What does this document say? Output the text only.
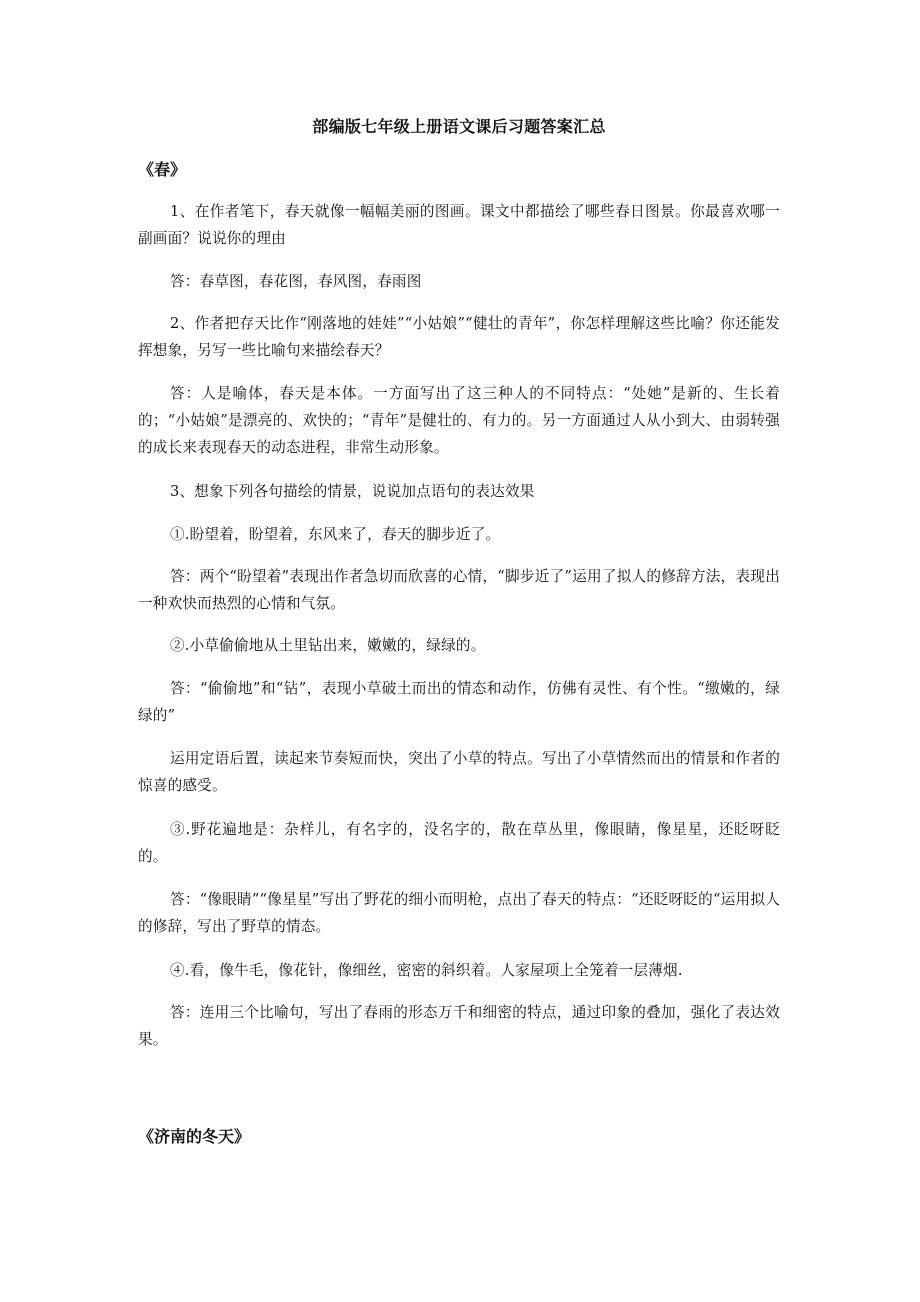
部编版七年级上册语文课后习题答案汇总
《春》
1、在作者笔下，春天就像一幅幅美丽的图画。课文中都描绘了哪些春日图景。你最喜欢哪一副画面？说说你的理由
答：春草图，春花图，春风图，春雨图
2、作者把存天比作“刚落地的娃娃”“小姑娘”“健壮的青年”，你怎样理解这些比喻？你还能发挥想象，另写一些比喻句来描绘春天？
答：人是喻体，春天是本体。一方面写出了这三种人的不同特点：“处她”是新的、生长着的；“小姑娘”是漂亮的、欢快的；“青年”是健壮的、有力的。另一方面通过人从小到大、由弱转强的成长来表现春天的动态进程，非常生动形象。
3、想象下列各句描绘的情景，说说加点语句的表达效果
①.盼望着，盼望着，东风来了，春天的脚步近了。
答：两个“盼望着”表现出作者急切而欣喜的心情，“脚步近了”运用了拟人的修辞方法，表现出一种欢快而热烈的心情和气氛。
②.小草偷偷地从土里钻出来，嫩嫩的，绿绿的。
答：“偷偷地”和“钻”，表现小草破土而出的情态和动作，仿佛有灵性、有个性。“缴嫩的，绿绿的”
运用定语后置，读起来节奏短而快，突出了小草的特点。写出了小草情然而出的情景和作者的惊喜的感受。
③.野花遍地是：杂样儿，有名字的，没名字的，散在草丛里，像眼睛，像星星，还眨呀眨的。
答：“像眼睛”“像星星”写出了野花的细小而明枪，点出了春天的特点：“还眨呀眨的“运用拟人的修辞，写出了野草的情态。
④.看，像牛毛，像花针，像细丝，密密的斜织着。人家屋项上全笼着一层薄烟.
答：连用三个比喻句，写出了春雨的形态万千和细密的特点，通过印象的叠加，强化了表达效果。
《济南的冬天》
